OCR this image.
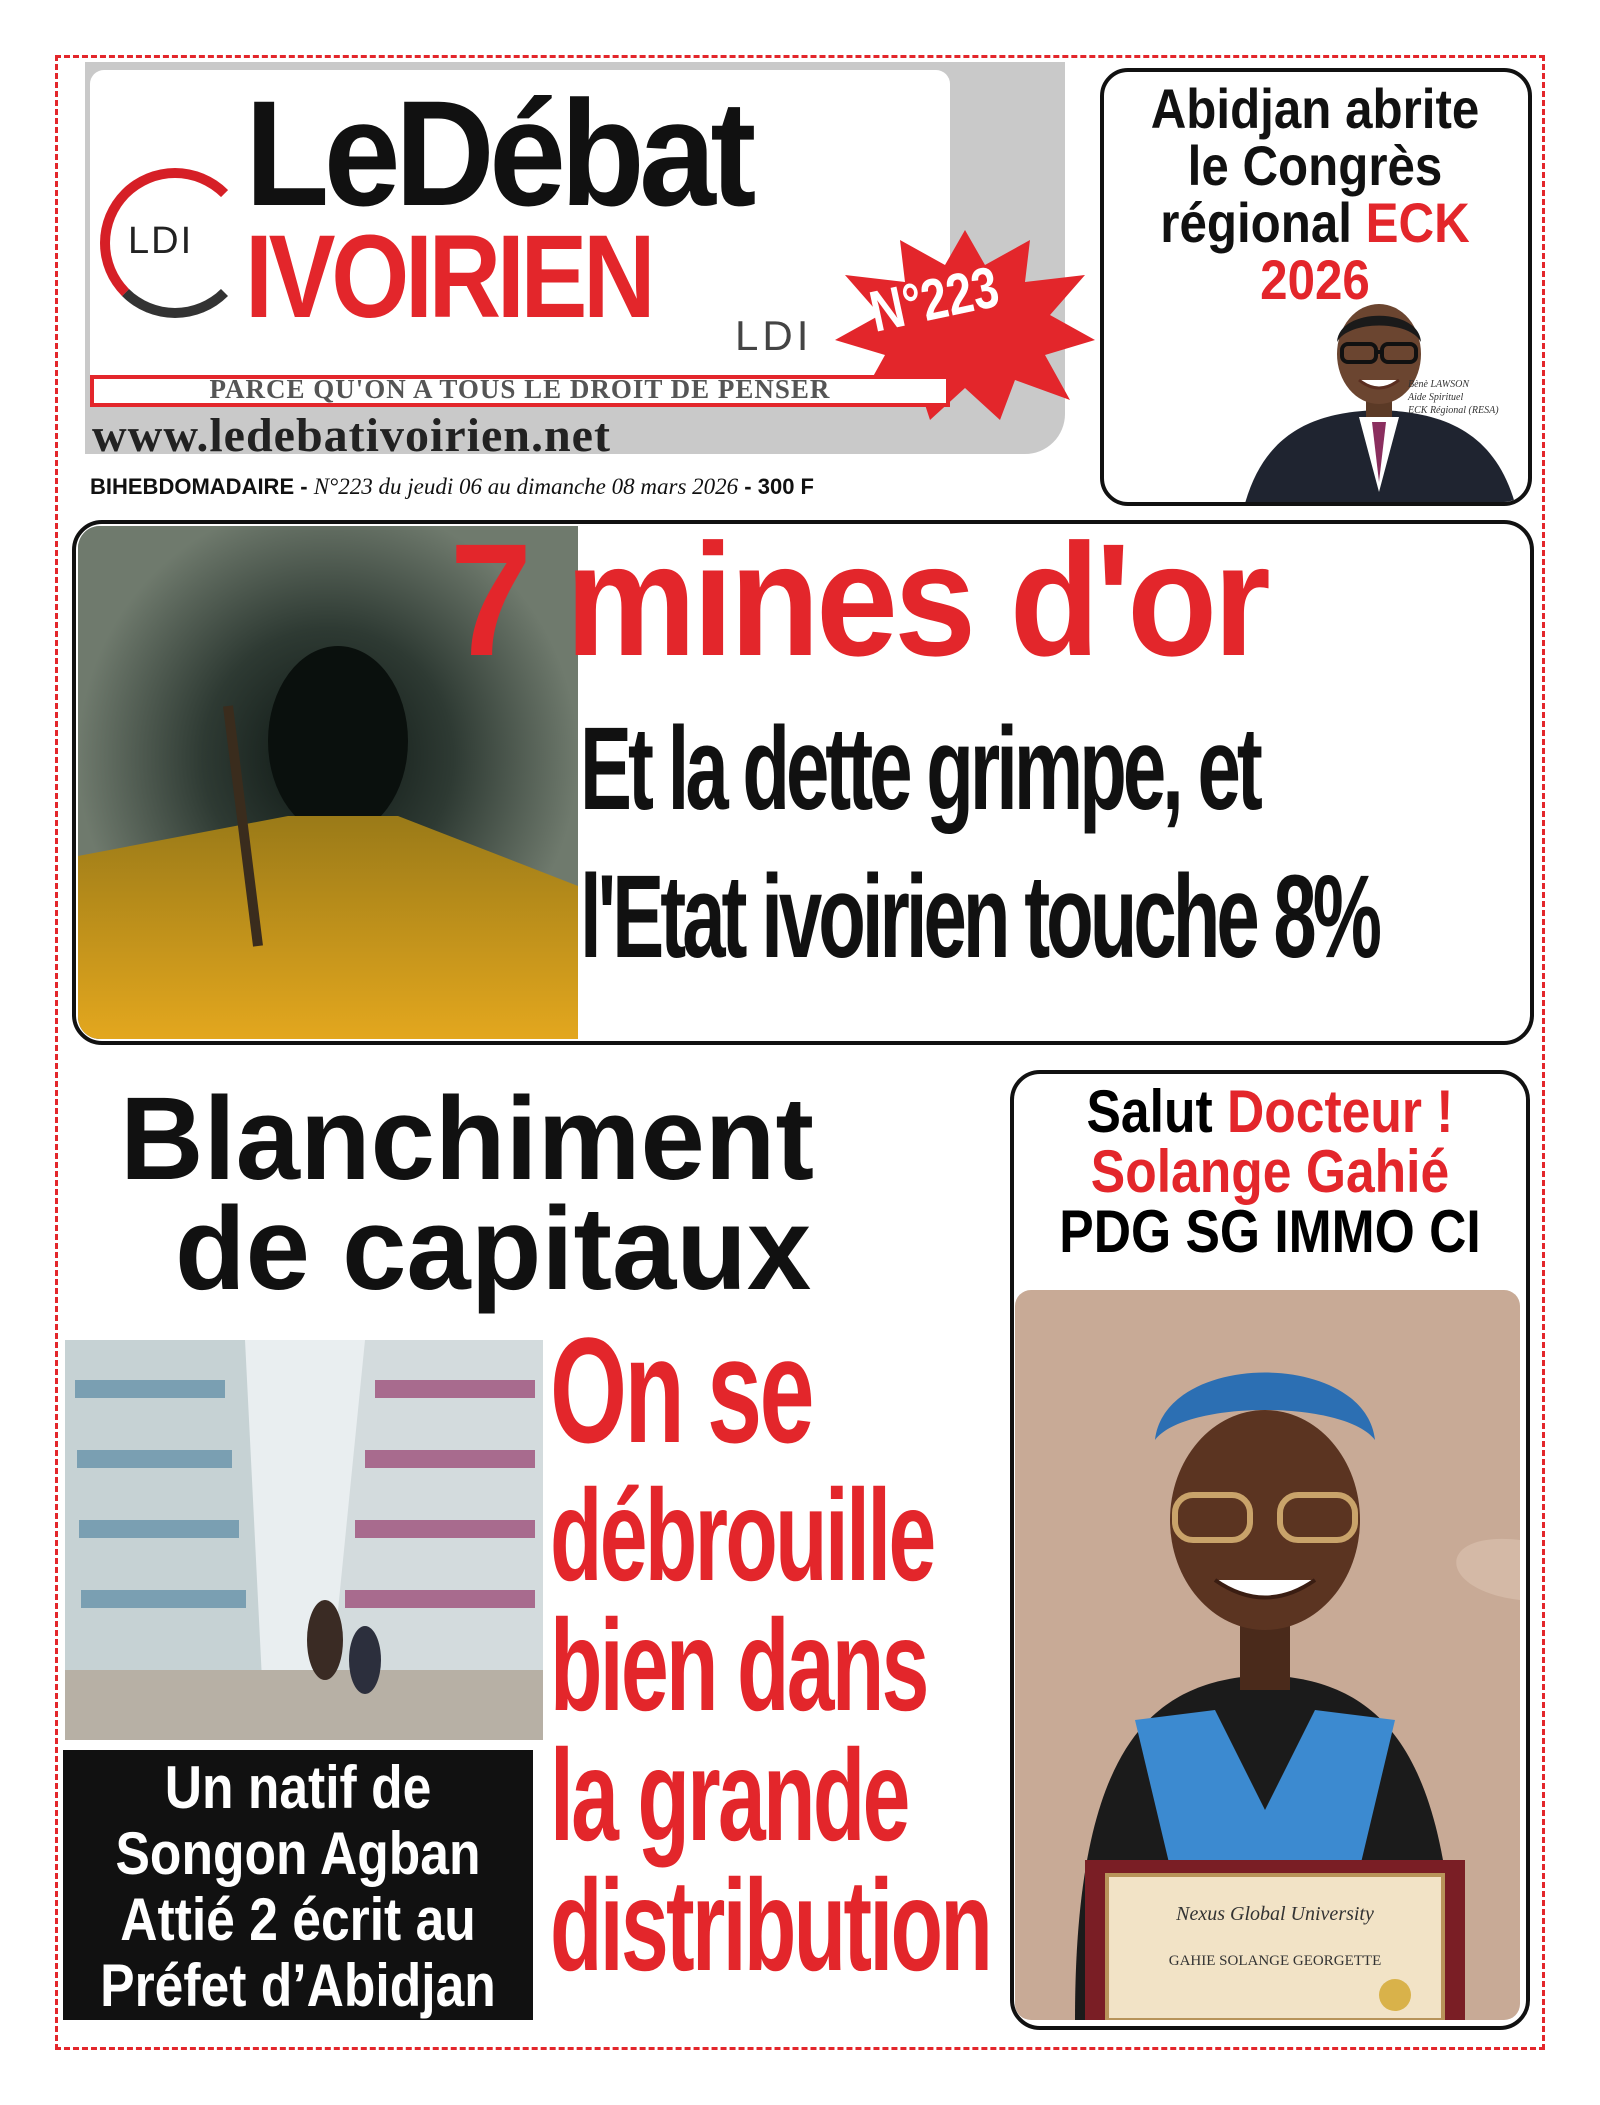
LDI
LeDébat
IVOIRIEN LDI N°223
PARCE QU'ON A TOUS LE DROIT DE PENSER
www.ledebativoirien.net
BIHEBDOMADAIRE - N°223 du jeudi 06 au dimanche 08 mars 2026 - 300 F
Abidjan abrite
le Congrès
régional ECK 2026
Bènè LAWSON
Aide Spirituel
ECK Régional (RESA)
7 mines d'or
Et la dette grimpe, et
l'Etat ivoirien touche 8%
Blanchiment
de capitaux
On se
débrouille
bien dans
la grande
distribution
Un natif de
Songon Agban
Attié 2 écrit au
Préfet d’Abidjan
Salut Docteur !
Solange Gahié
PDG SG IMMO CI
Nexus Global University
GAHIE SOLANGE GEORGETTE
